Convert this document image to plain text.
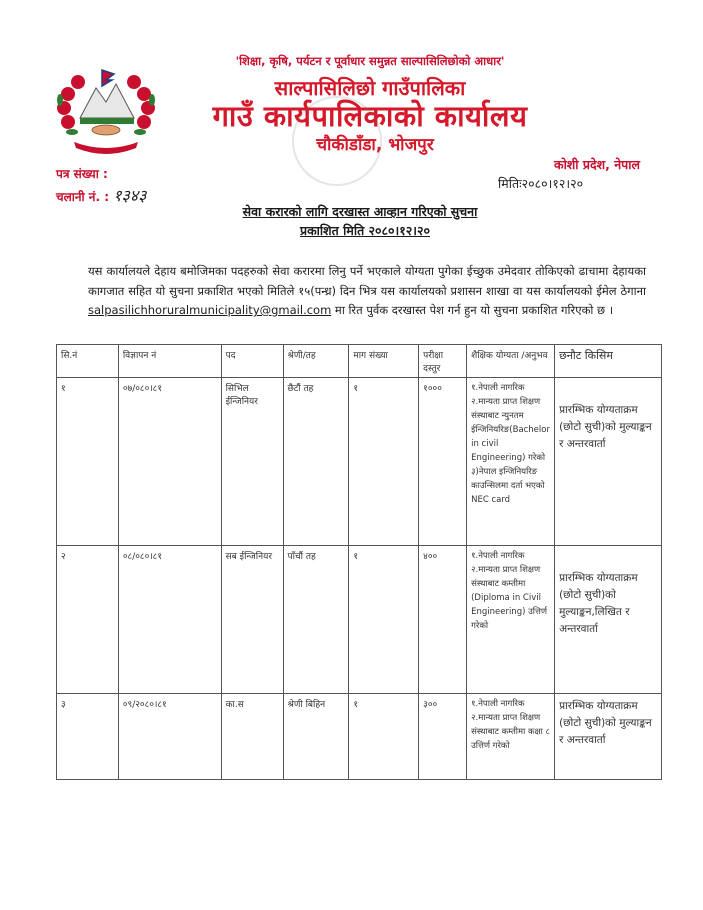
'शिक्षा, कृषि, पर्यटन र पूर्वाधार समुन्नत साल्पासिलिछोको आधार'
साल्पासिलिछो गाउँपालिका
गाउँ कार्यपालिकाको कार्यालय
चौकीडाँडा, भोजपुर
कोशी प्रदेश, नेपाल
मितिः२०८०।१२।२०
पत्र संख्या :
चलानी नं. : १३४३
सेवा करारको लागि दरखास्त आव्हान गरिएको सुचना
प्रकाशित मिति २०८०।१२।२०
यस कार्यालयले देहाय बमोजिमका पदहरुको सेवा करारमा लिनु पर्ने भएकाले योग्यता पुगेका ईच्छुक उमेदवार तोकिएको ढाचामा देहायका कागजात सहित यो सुचना प्रकाशित भएको मितिले १५(पन्ध्र) दिन भित्र यस कार्यालयको प्रशासन शाखा वा यस कार्यालयको ईमेल ठेगाना salpasilichhoruralmunicipality@gmail.com मा रित पुर्वक दरखास्त पेश गर्न हुन यो सुचना प्रकाशित गरिएको छ ।
सि.नं	विज्ञापन नं	पद	श्रेणी/तह	माग संख्या	परीक्षा दस्तुर	शैक्षिक योग्यता /अनुभव	छनौट किसिम
१	०७/०८०।८१	सिभिल ईन्जिनियर	छैटौं तह	१	१०००	१.नेपाली नागरिक २.मान्यता प्राप्त शिक्षण संस्थाबाट न्युनतम ईन्जिनियरिङ(Bachelor in civil Engineering) गरेको ३)नेपाल इन्जिनियरिङ काउन्सिलमा दर्ता भएको NEC card	प्रारम्भिक योग्यताक्रम (छोटो सुची)को मुल्याङ्कन र अन्तरवार्ता
२	०८/०८०।८१	सब ईन्जिनियर	पाँचौं तह	१	४००	१.नेपाली नागरिक २.मान्यता प्राप्त शिक्षण संस्थाबाट कम्तीमा (Diploma in Civil Engineering) उत्तिर्ण गरेको	प्रारम्भिक योग्यताक्रम (छोटो सुची)को मुल्याङ्कन,लिखित र अन्तरवार्ता
३	०९/२०८०।८१	का.स	श्रेणी बिहिन	१	३००	१.नेपाली नागरिक २.मान्यता प्राप्त शिक्षण संस्थाबाट कम्तीमा कक्षा ८ उत्तिर्ण गरेको	प्रारम्भिक योग्यताक्रम (छोटो सुची)को मुल्याङ्कन र अन्तरवार्ता
